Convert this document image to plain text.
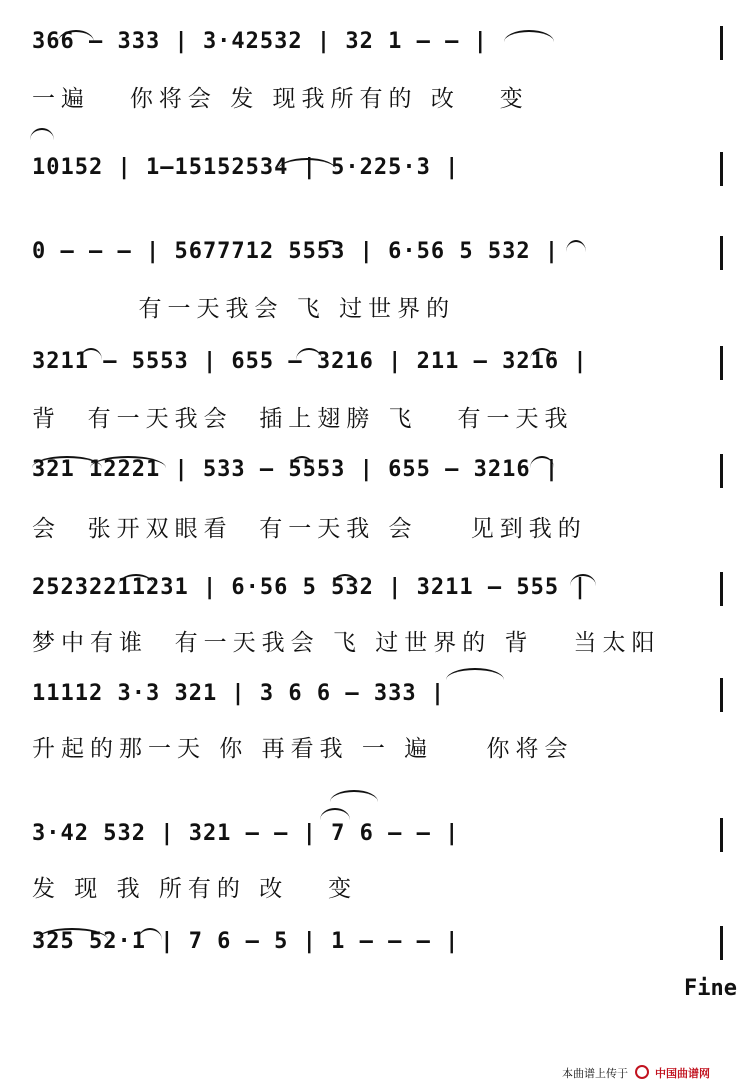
366 — 333 | 3·42532 | 32 1 — — |
一遍   你将会 发 现我所有的 改   变
10152 | 1—15152534 | 5·225·3 |
0 — — — | 5677712 5553 | 6·56 5 532 |
有一天我会 飞 过世界的
3211 — 5553 | 655 — 3216 | 211 — 3216 |
背  有一天我会  插上翅膀 飞   有一天我
321 12221 | 533 — 5553 | 655 — 3216 |
会  张开双眼看  有一天我 会    见到我的
25232211231 | 6·56 5 532 | 3211 — 555 |
梦中有谁  有一天我会 飞 过世界的 背   当太阳
11112 3·3 321 | 3 6 6 — 333 |
升起的那一天 你 再看我 一 遍    你将会
3·42 532 | 321 — — | 7 6 — — |
发 现 我 所有的 改   变
325 52·1 | 7 6 — 5 | 1 — — — |
Fine
本曲谱上传于 中国曲谱网
